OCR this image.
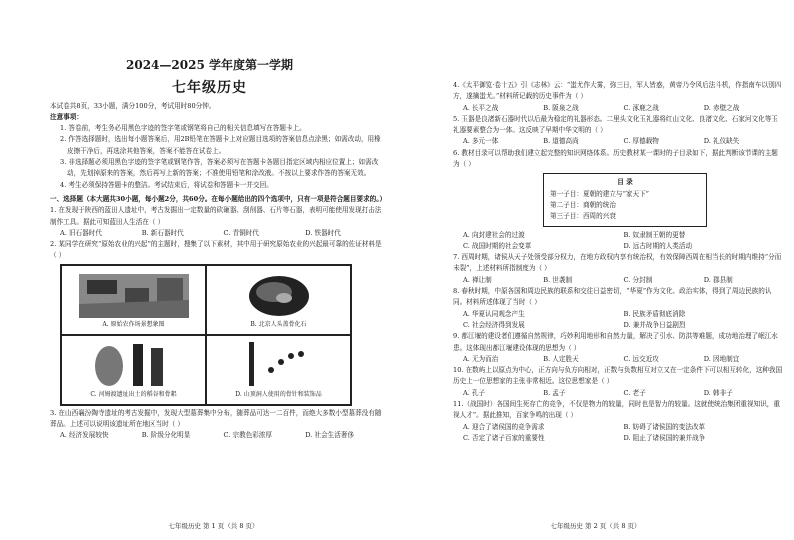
2024—2025 学年度第一学期
七年级历史

本试卷共8页，33小题，满分100分，考试用时80分钟。

注意事项：

1. 答卷前，考生务必用黑色字迹的签字笔或钢笔将自己的相关信息填写在答题卡上。

2. 作答选择题时，选出每小题答案后，用2B铅笔在答题卡上对应题目选项的答案信息点涂黑；如需改动，用橡皮擦干净后，再选涂其他答案，答案不能答在试卷上。

3. 非选择题必须用黑色字迹的签字笔或钢笔作答，答案必须写在答题卡各题目指定区域内相应位置上；如需改动，先划掉原来的答案，然后再写上新的答案；不准使用铅笔和涂改液。不按以上要求作答的答案无效。

4. 考生必须保持答题卡的整洁。考试结束后，将试卷和答题卡一并交回。

一、选择题（本大题共30小题，每小题2分，共60分。在每小题给出的四个选项中，只有一项是符合题目要求的。）

1. 在发现于陕西的蓝田人遗址中，考古发掘出一定数量的砍砸器、刮削器、石片等石器，表明可能使用发现打击法制作工具。据此可知蓝田人生活在（ ）

A. 旧石器时代	B. 新石器时代	C. 青铜时代	D. 铁器时代

2. 某同学在研究“原始农业的兴起”的主题时，搜集了以下素材，其中用于研究原始农业的兴起最可靠的佐证材料是（ ）

A. 原始农作场景想象图	B. 北京人头盖骨化石
C. 河姆渡遗址出土的稻谷和骨耜	D. 山顶洞人使用的骨针和装饰品

3. 在山西襄汾陶寺遗址的考古发掘中，发现大型墓葬集中分布，随葬品可达一二百件，而绝大多数小型墓葬没有随葬品。上述可以说明该遗址所在地区当时（ ）

A. 经济发展较快	B. 阶级分化明显	C. 宗教色彩浓厚	D. 社会生活奢侈
七年级历史 第 1 页（共 8 页）

4.《太平御览·卷十五》引《志林》云：“蚩尤作大雾，弥三日，军人皆惑，黄帝乃令风后法斗机，作指南车以别四方，遂擒蚩尤。”材料所记载的历史事件为（ ）

A. 长平之战	B. 阪泉之战	C. 涿鹿之战	D. 赤壁之战

5. 玉器是良渚新石器时代以后最为稳定的礼器形态。二里头文化玉礼器将红山文化、良渚文化、石家河文化等玉礼器要素整合为一体。这反映了早期中华文明的（ ）

A. 多元一体	B. 道德高尚	C. 厚德载物	D. 礼仪缺失

6. 教材目录可以帮助我们建立起完整的知识网络体系。历史教材某一课时的子目录如下，据此判断该节课的主题为（ ）

目 录
第一子目：夏朝的建立与“家天下”
第二子目：商朝的统治
第三子目：西周的兴衰
A. 向封建社会的过渡	B. 奴隶制王朝的更替
C. 战国时期的社会变革	D. 远古时期的人类活动

7. 西周时期，诸侯从天子处领受部分权力，在地方政权内享有统治权，有效保障西周在相当长的时期内维持“分而未裂”，上述材料所指制度为（ ）

A. 禅让制	B. 世袭制	C. 分封制	D. 郡县制

8. 春秋时期，中原各国和周边民族的联系和交往日益密切，“华夏”作为文化、政治实体，得到了周边民族的认同。材料所述体现了当时（ ）

A. 华夏认同观念产生	B. 民族矛盾彻底消除
C. 社会经济得到发展	D. 兼并战争日益剧烈

9. 都江堰的建设者们遵循自然规律，巧妙利用地形和自然力量，解决了引水、防洪等难题，成功地治理了岷江水患。这体现出都江堰建设体现的思想为（ ）

A. 无为而治	B. 人定胜天	C. 远交近攻	D. 因地制宜

10. 在数屿上以原点为中心，正方向与负方向相对，正数与负数相互对立又在一定条件下可以相互转化，这种我国历史上一位思想家的主张非常相近。这位思想家是（ ）

A. 孔子	B. 孟子	C. 老子	D. 韩非子

11.（战国时）各国间生死存亡的竞争，不仅是物力的较量，同时也是智力的较量。这就使统治集团重视知识，重视人才”。据此推知，百家争鸣的出现（ ）

A. 迎合了诸侯国的竞争需求	B. 妨碍了诸侯国的变法改革
C. 否定了诸子百家的重要性	D. 阻止了诸侯国的兼并战争
七年级历史 第 2 页（共 8 页）
